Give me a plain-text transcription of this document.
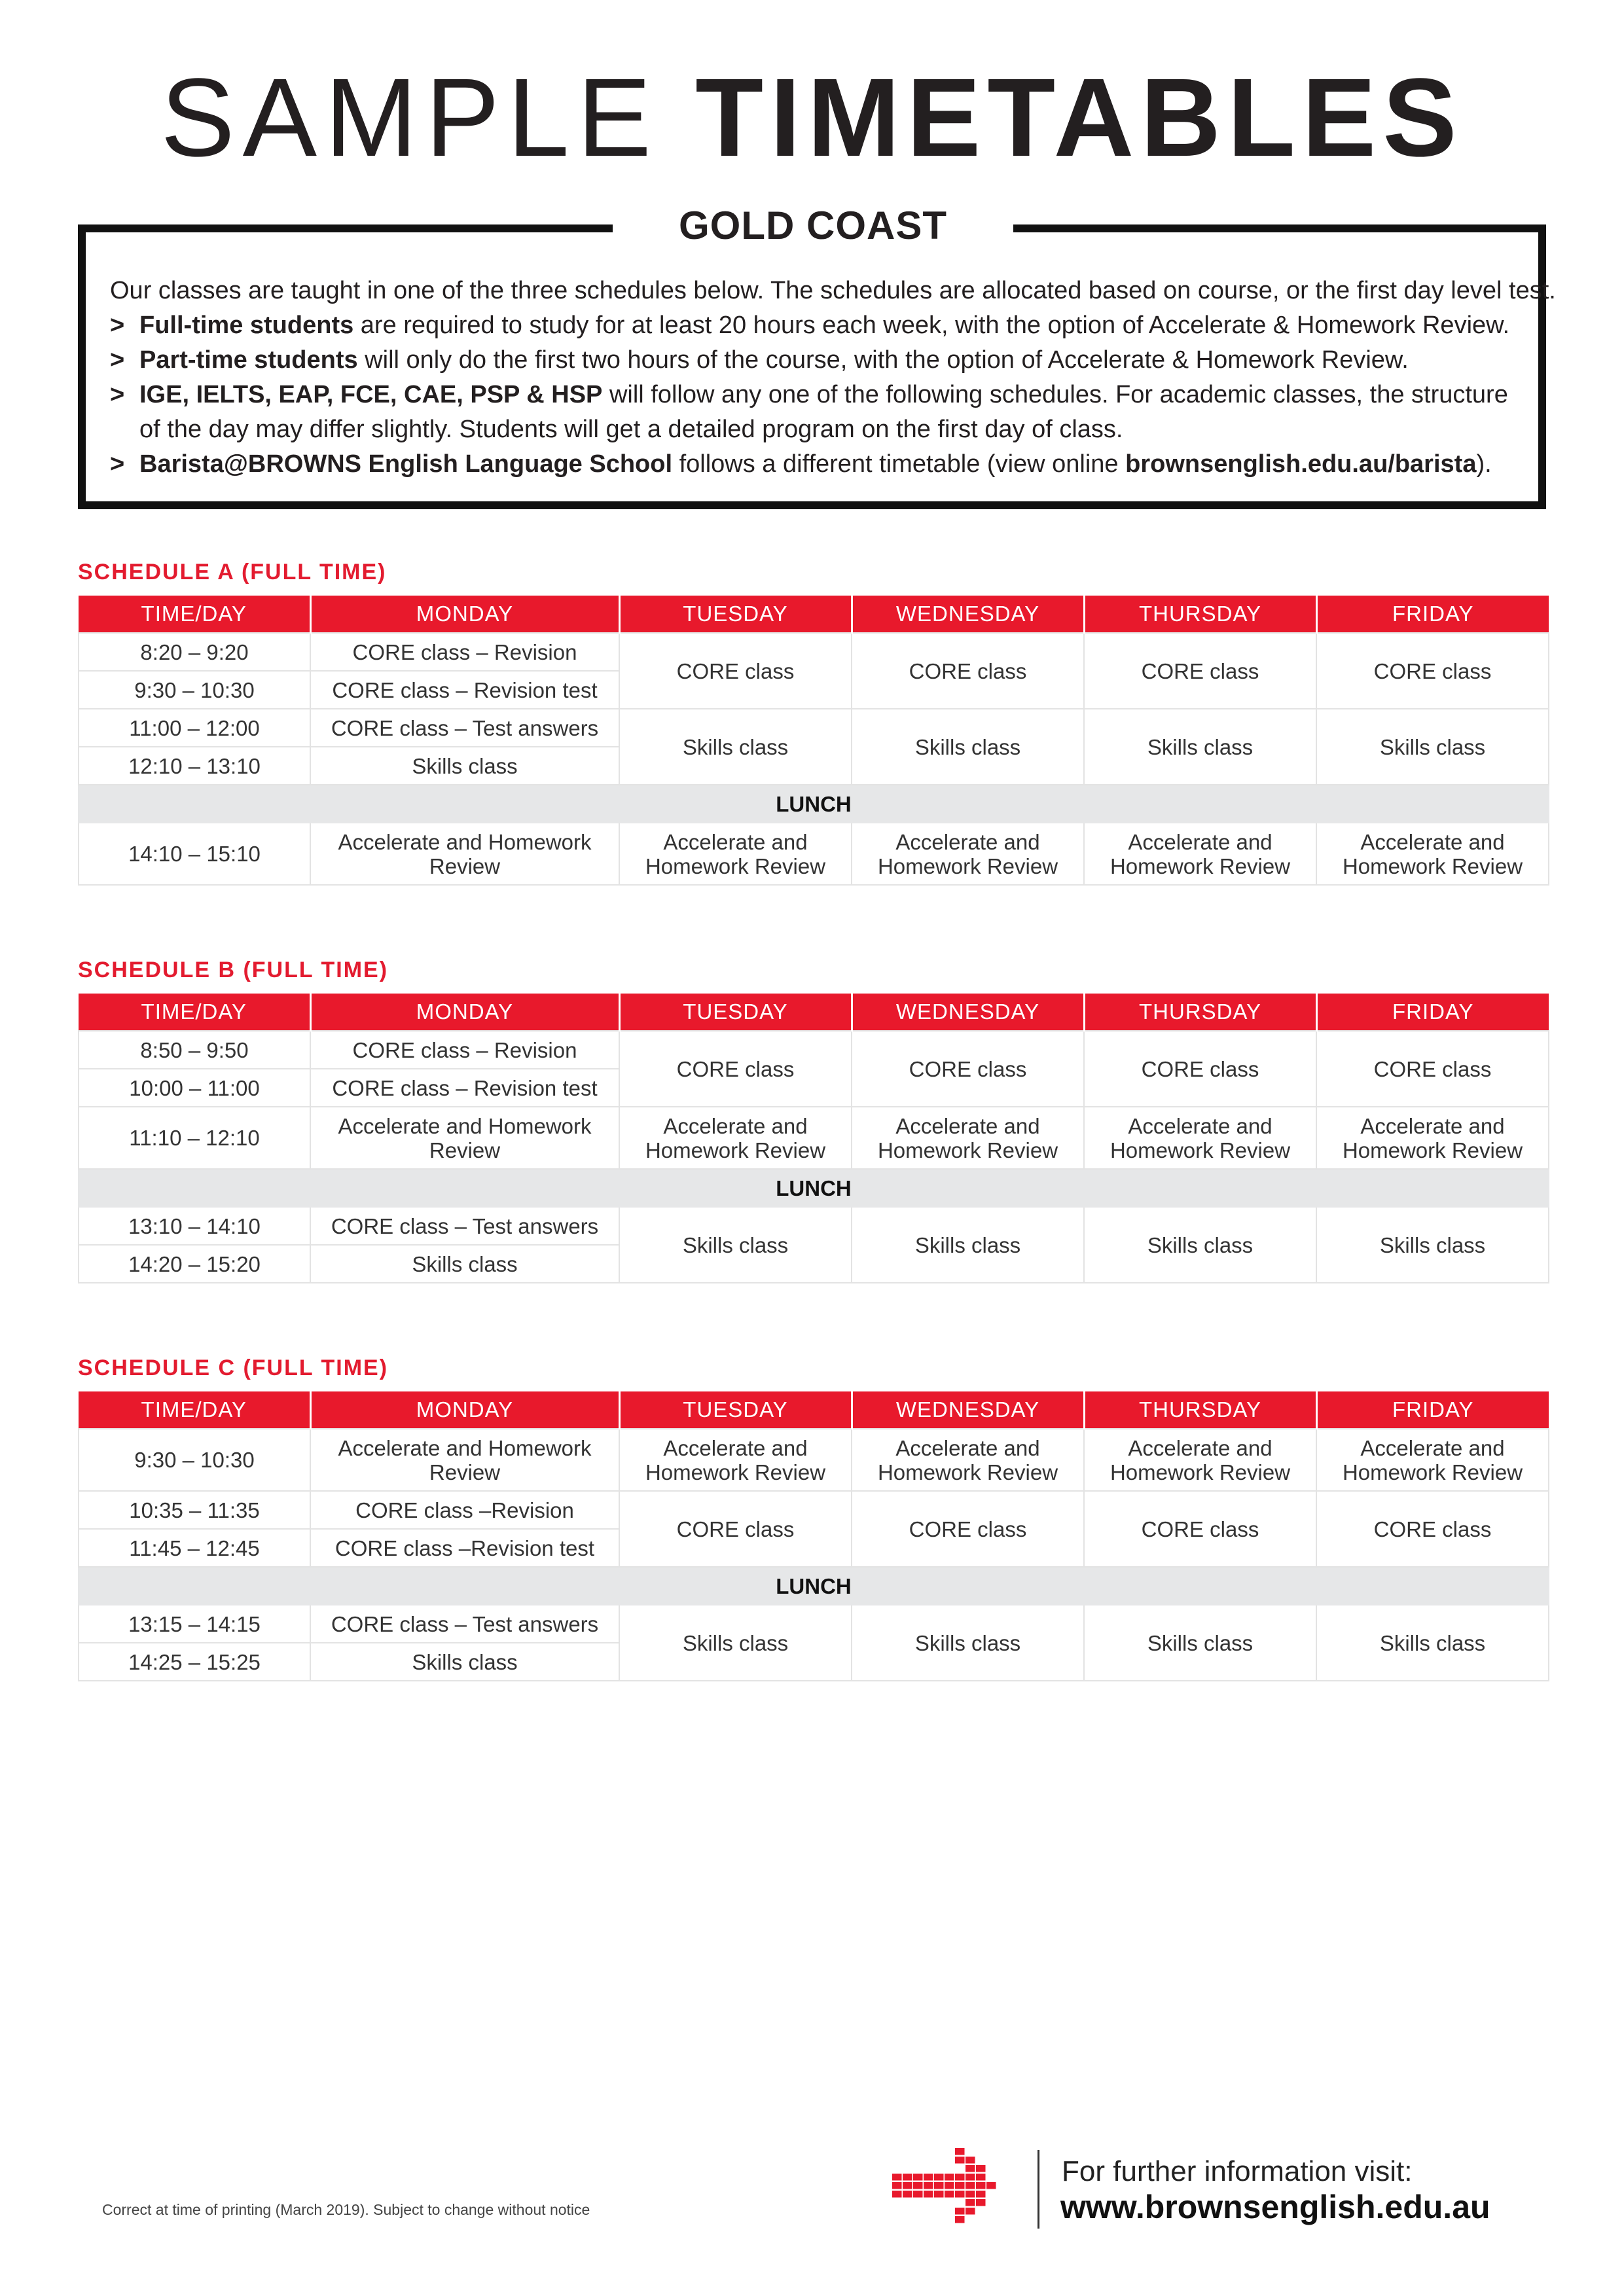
SAMPLE TIMETABLES
GOLD COAST

Our classes are taught in one of the three schedules below. The schedules are allocated based on course, or the first day level test.

> Full-time students are required to study for at least 20 hours each week, with the option of Accelerate & Homework Review.

> Part-time students will only do the first two hours of the course, with the option of Accelerate & Homework Review.

> IGE, IELTS, EAP, FCE, CAE, PSP & HSP will follow any one of the following schedules. For academic classes, the structure

of the day may differ slightly. Students will get a detailed program on the first day of class.

> Barista@BROWNS English Language School follows a different timetable (view online brownsenglish.edu.au/barista).

SCHEDULE A (FULL TIME)
TIME/DAY	MONDAY	TUESDAY	WEDNESDAY	THURSDAY	FRIDAY
8:20 – 9:20	CORE class – Revision	CORE class	CORE class	CORE class	CORE class
9:30 – 10:30	CORE class – Revision test				
11:00 – 12:00	CORE class – Test answers	Skills class	Skills class	Skills class	Skills class
12:10 – 13:10	Skills class				
LUNCH					
14:10 – 15:10	Accelerate and Homework Review	Accelerate and Homework Review	Accelerate and Homework Review	Accelerate and Homework Review	Accelerate and Homework Review
SCHEDULE B (FULL TIME)
TIME/DAY	MONDAY	TUESDAY	WEDNESDAY	THURSDAY	FRIDAY
8:50 – 9:50	CORE class – Revision	CORE class	CORE class	CORE class	CORE class
10:00 – 11:00	CORE class – Revision test				
11:10 – 12:10	Accelerate and Homework Review	Accelerate and Homework Review	Accelerate and Homework Review	Accelerate and Homework Review	Accelerate and Homework Review
LUNCH					
13:10 – 14:10	CORE class – Test answers	Skills class	Skills class	Skills class	Skills class
14:20 – 15:20	Skills class				
SCHEDULE C (FULL TIME)
TIME/DAY	MONDAY	TUESDAY	WEDNESDAY	THURSDAY	FRIDAY
9:30 – 10:30	Accelerate and Homework Review	Accelerate and Homework Review	Accelerate and Homework Review	Accelerate and Homework Review	Accelerate and Homework Review
10:35 – 11:35	CORE class –Revision	CORE class	CORE class	CORE class	CORE class
11:45 – 12:45	CORE class –Revision test				
LUNCH					
13:15 – 14:15	CORE class – Test answers	Skills class	Skills class	Skills class	Skills class
14:25 – 15:25	Skills class				
Correct at time of printing (March 2019). Subject to change without notice
For further information visit:
www.brownsenglish.edu.au
